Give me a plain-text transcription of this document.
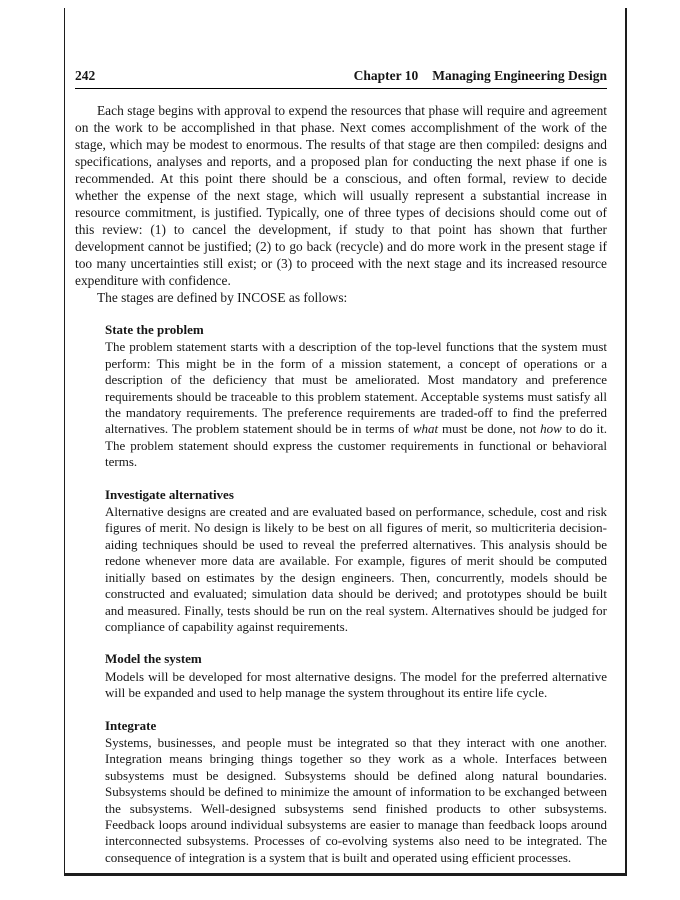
242	Chapter 10 Managing Engineering Design

Each stage begins with approval to expend the resources that phase will require and agreement on the work to be accomplished in that phase. Next comes accomplishment of the work of the stage, which may be modest to enormous. The results of that stage are then compiled: designs and specifications, analyses and reports, and a proposed plan for conducting the next phase if one is recommended. At this point there should be a conscious, and often formal, review to decide whether the expense of the next stage, which will usually represent a substantial increase in resource commitment, is justified. Typically, one of three types of decisions should come out of this review: (1) to cancel the development, if study to that point has shown that further development cannot be justified; (2) to go back (recycle) and do more work in the present stage if too many uncertainties still exist; or (3) to proceed with the next stage and its increased resource expenditure with confidence.

The stages are defined by INCOSE as follows:

State the problem

The problem statement starts with a description of the top-level functions that the system must perform: This might be in the form of a mission statement, a concept of operations or a description of the deficiency that must be ameliorated. Most mandatory and preference requirements should be traceable to this problem statement. Acceptable systems must satisfy all the mandatory requirements. The preference requirements are traded-off to find the preferred alternatives. The problem statement should be in terms of what must be done, not how to do it. The problem statement should express the customer requirements in functional or behavioral terms.

Investigate alternatives

Alternative designs are created and are evaluated based on performance, schedule, cost and risk figures of merit. No design is likely to be best on all figures of merit, so multicriteria decision-aiding techniques should be used to reveal the preferred alternatives. This analysis should be redone whenever more data are available. For example, figures of merit should be computed initially based on estimates by the design engineers. Then, concurrently, models should be constructed and evaluated; simulation data should be derived; and prototypes should be built and measured. Finally, tests should be run on the real system. Alternatives should be judged for compliance of capability against requirements.

Model the system

Models will be developed for most alternative designs. The model for the preferred alternative will be expanded and used to help manage the system throughout its entire life cycle.

Integrate

Systems, businesses, and people must be integrated so that they interact with one another. Integration means bringing things together so they work as a whole. Interfaces between subsystems must be designed. Subsystems should be defined along natural boundaries. Subsystems should be defined to minimize the amount of information to be exchanged between the subsystems. Well-designed subsystems send finished products to other subsystems. Feedback loops around individual subsystems are easier to manage than feedback loops around interconnected subsystems. Processes of co-evolving systems also need to be integrated. The consequence of integration is a system that is built and operated using efficient processes.
